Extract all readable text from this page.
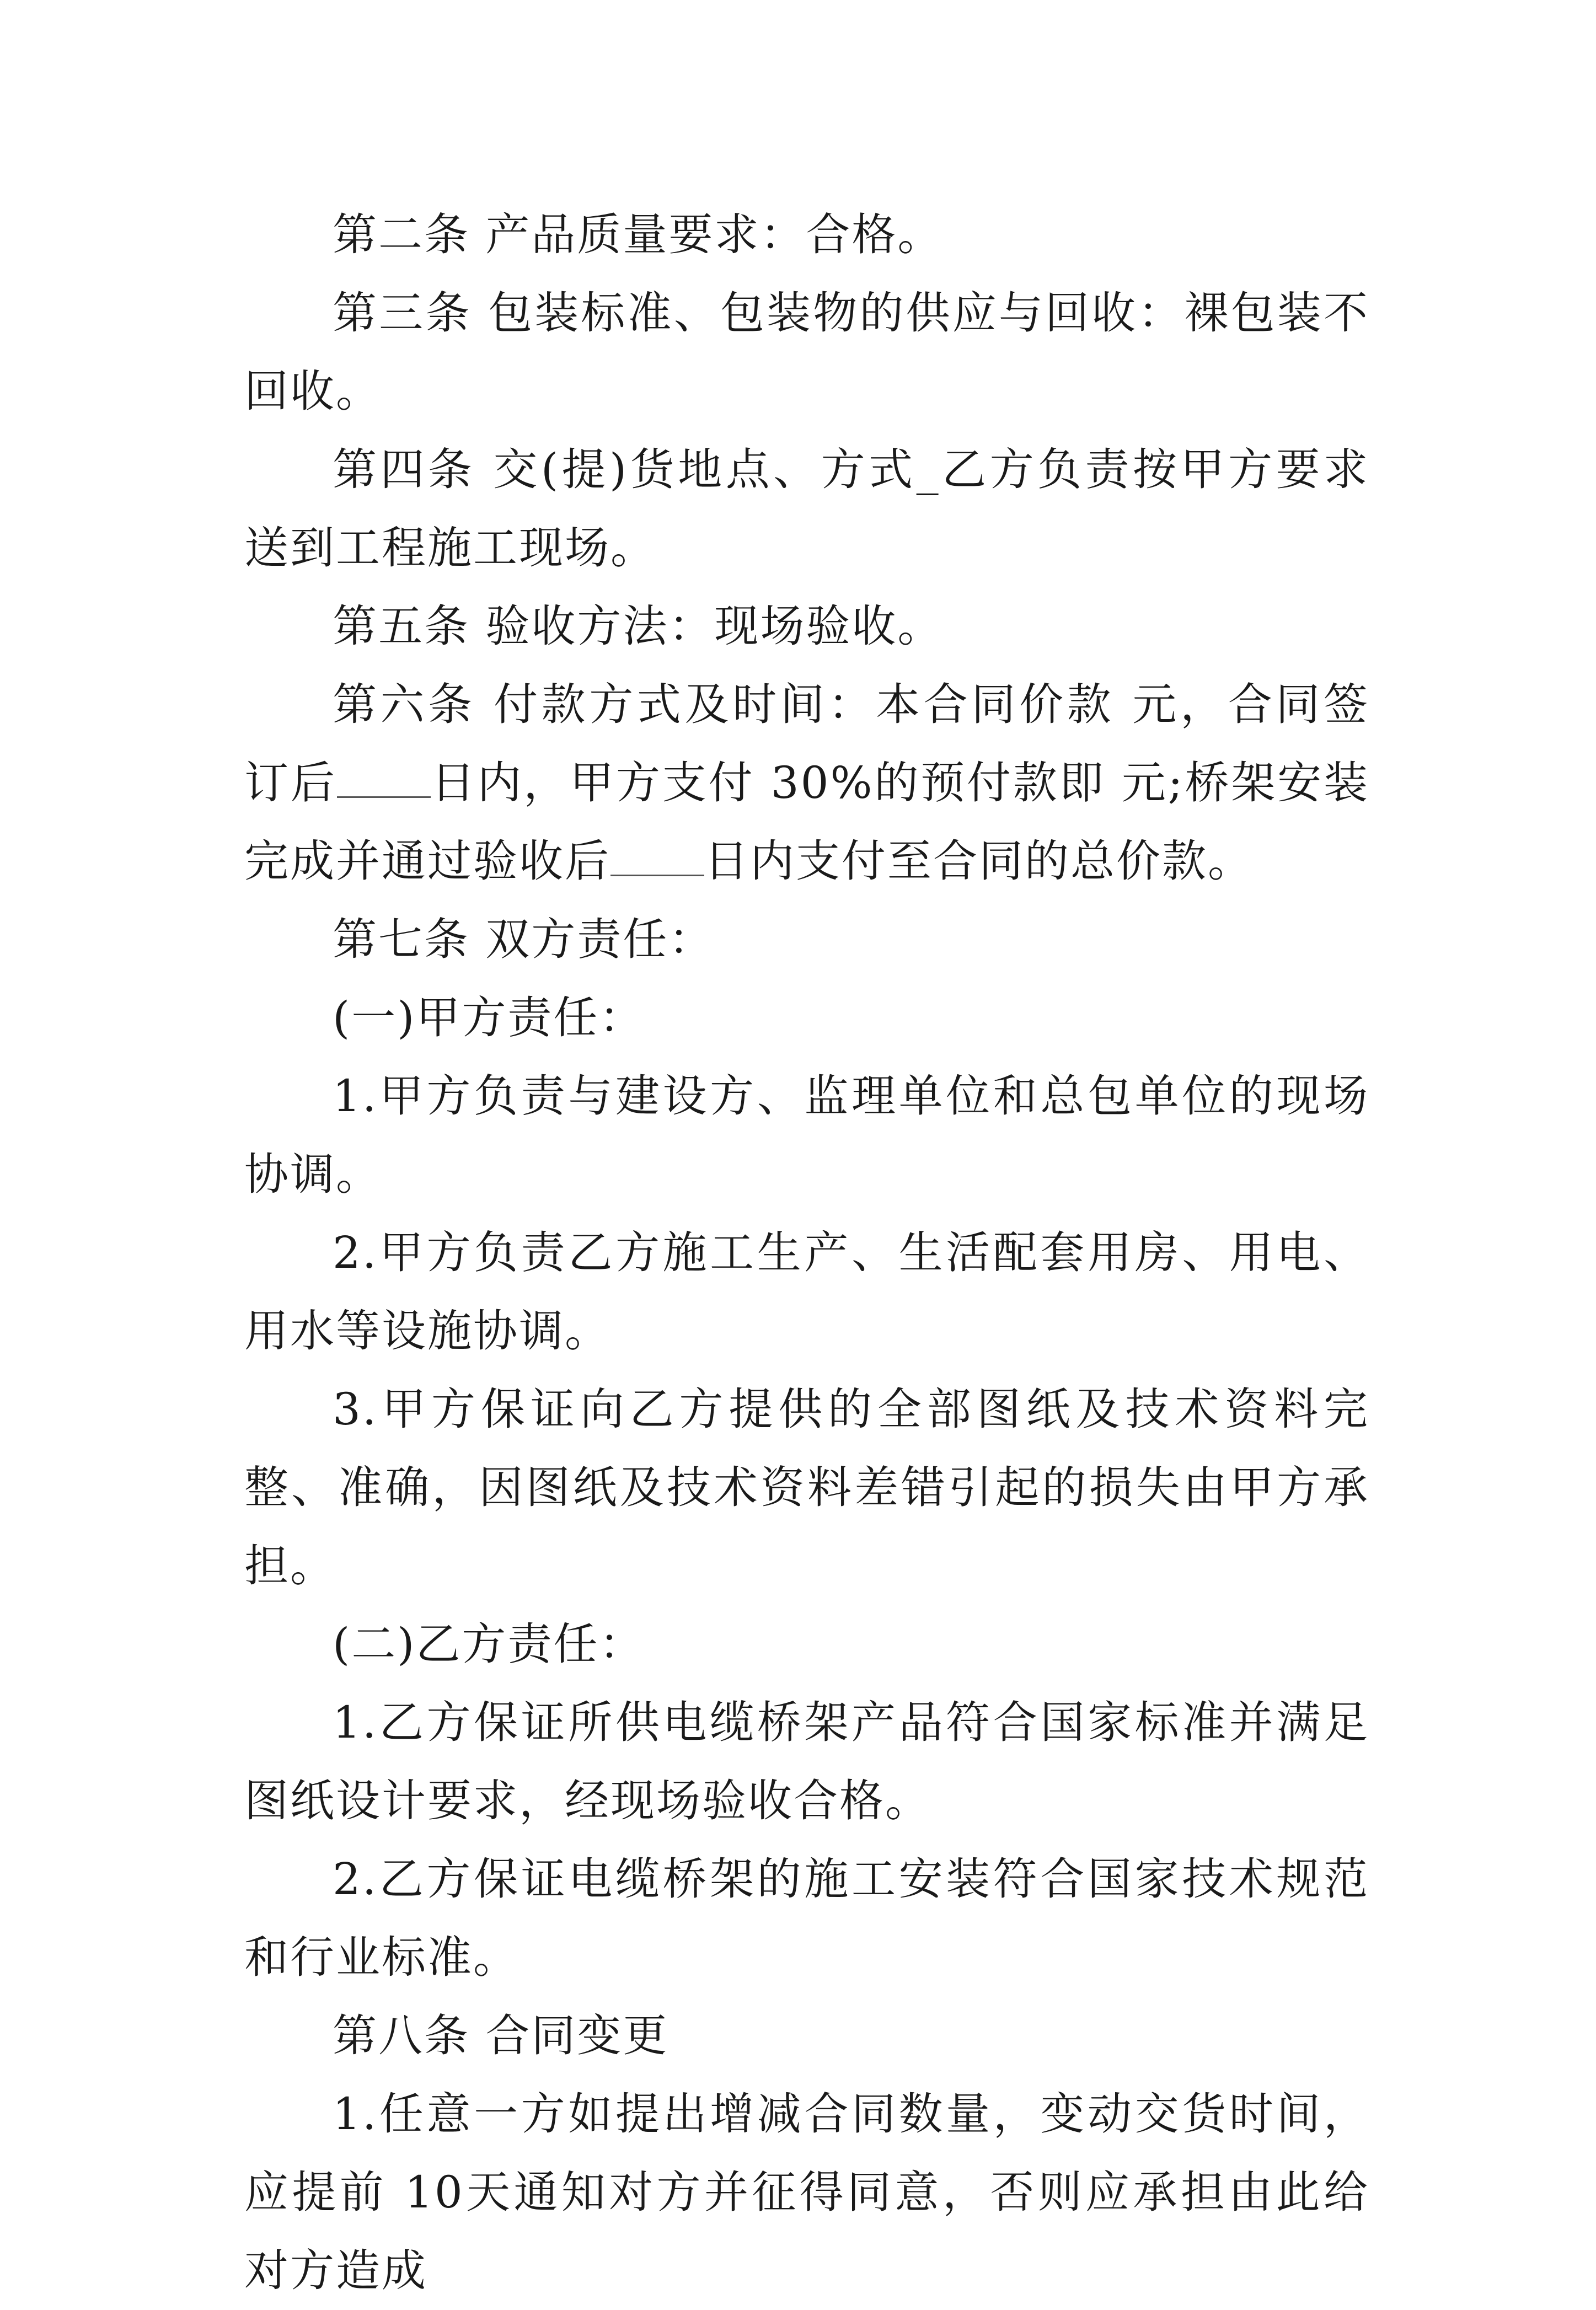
第二条 产品质量要求：合格。

第三条 包装标准、包装物的供应与回收：裸包装不回收。

第四条 交(提)货地点、方式_乙方负责按甲方要求送到工程施工现场。

第五条 验收方法：现场验收。

第六条 付款方式及时间：本合同价款 元，合同签订后 日内，甲方支付 30%的预付款即 元;桥架安装完成并通过验收后 日内支付至合同的总价款。

第七条 双方责任：

(一)甲方责任：

1.甲方负责与建设方、监理单位和总包单位的现场协调。

2.甲方负责乙方施工生产、生活配套用房、用电、用水等设施协调。

3.甲方保证向乙方提供的全部图纸及技术资料完整、准确，因图纸及技术资料差错引起的损失由甲方承担。

(二)乙方责任：

1.乙方保证所供电缆桥架产品符合国家标准并满足图纸设计要求，经现场验收合格。

2.乙方保证电缆桥架的施工安装符合国家技术规范和行业标准。

第八条 合同变更

1.任意一方如提出增减合同数量，变动交货时间，应提前 10天通知对方并征得同意，否则应承担由此给对方造成
